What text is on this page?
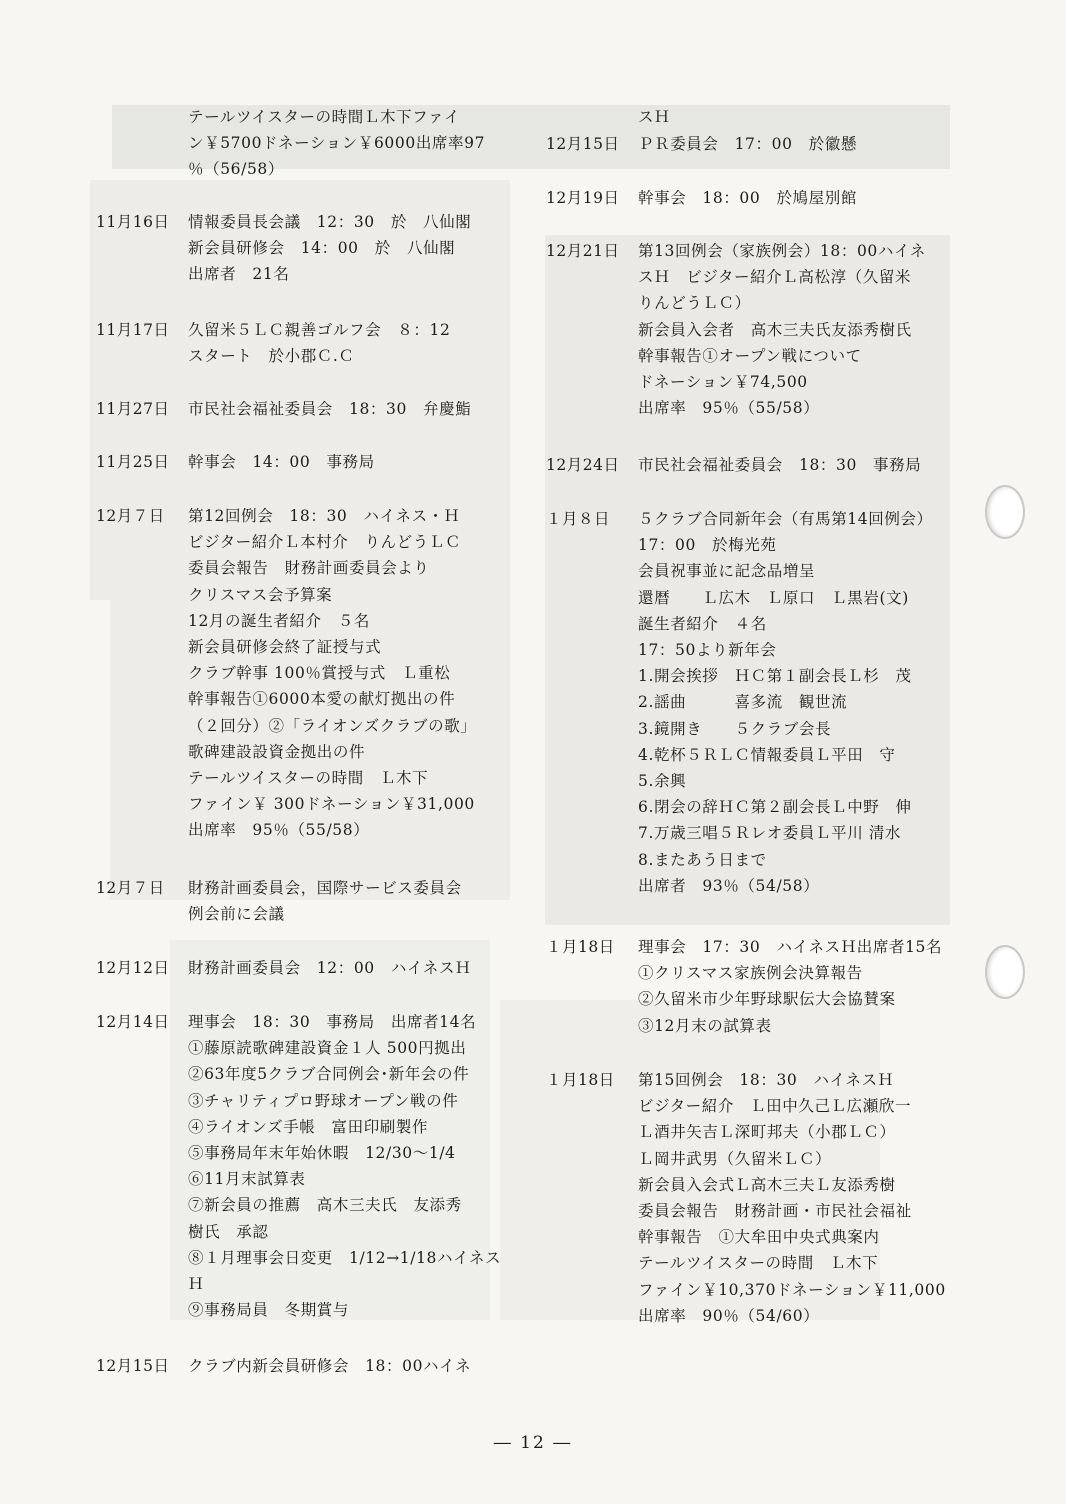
テールツイスターの時間Ｌ木下ファイ
ン￥5700ドネーション￥6000出席率97
％（56/58）
11月16日	情報委員長会議　12：30　於　八仙閣
新会員研修会　14：00　於　八仙閣
出席者　21名
11月17日	久留米５ＬＣ親善ゴルフ会　８：12
スタート　於小郡Ｃ.Ｃ
11月27日	市民社会福祉委員会　18：30　弁慶鮨
11月25日	幹事会　14：00　事務局
12月７日	第12回例会　18：30　ハイネス・Ｈ
ビジター紹介Ｌ本村介　りんどうＬＣ
委員会報告　財務計画委員会より
クリスマス会予算案
12月の誕生者紹介　５名
新会員研修会終了証授与式
クラブ幹事 100％賞授与式　Ｌ重松
幹事報告①6000本愛の献灯拠出の件
（２回分）②「ライオンズクラブの歌」
歌碑建設設資金拠出の件
テールツイスターの時間　Ｌ木下
ファイン￥ 300ドネーション￥31,000
出席率　95％（55/58）
12月７日	財務計画委員会，国際サービス委員会
例会前に会議
12月12日	財務計画委員会　12：00　ハイネスＨ
12月14日	理事会　18：30　事務局　出席者14名
①藤原読歌碑建設資金１人 500円拠出
②63年度5クラブ合同例会･新年会の件
③チャリティプロ野球オープン戦の件
④ライオンズ手帳　富田印刷製作
⑤事務局年末年始休暇　12/30～1/4
⑥11月末試算表
⑦新会員の推薦　高木三夫氏　友添秀
樹氏　承認
⑧１月理事会日変更　1/12→1/18ハイネス
Ｈ
⑨事務局員　冬期賞与
12月15日	クラブ内新会員研修会　18：00ハイネ
スＨ
12月15日	ＰＲ委員会　17：00　於徽懸
12月19日	幹事会　18：00　於鳩屋別館
12月21日	第13回例会（家族例会）18：00ハイネ
スＨ　ビジター紹介Ｌ高松淳（久留米
りんどうＬＣ）
新会員入会者　高木三夫氏友添秀樹氏
幹事報告①オープン戦について
ドネーション￥74,500
出席率　95％（55/58）
12月24日	市民社会福祉委員会　18：30　事務局
１月８日	５クラブ合同新年会（有馬第14回例会）
17：00　於梅光苑
会員祝事並に記念品増呈
還暦　　Ｌ広木　Ｌ原口　Ｌ黒岩(文)
誕生者紹介　４名
17：50より新年会
1.開会挨拶　ＨＣ第１副会長Ｌ杉　茂
2.謡曲　　　喜多流　観世流
3.鏡開き　　５クラブ会長
4.乾杯５ＲＬＣ情報委員Ｌ平田　守
5.余興
6.閉会の辞ＨＣ第２副会長Ｌ中野　伸
7.万歳三唱５Ｒレオ委員Ｌ平川 清水
8.またあう日まで
出席者　93％（54/58）
１月18日	理事会　17：30　ハイネスＨ出席者15名
①クリスマス家族例会決算報告
②久留米市少年野球駅伝大会協賛案
③12月末の試算表
１月18日	第15回例会　18：30　ハイネスＨ
ビジター紹介　Ｌ田中久己Ｌ広瀬欣一
Ｌ酒井矢吉Ｌ深町邦夫（小郡ＬＣ）
Ｌ岡井武男（久留米ＬＣ）
新会員入会式Ｌ高木三夫Ｌ友添秀樹
委員会報告　財務計画・市民社会福祉
幹事報告　①大牟田中央式典案内
テールツイスターの時間　Ｌ木下
ファイン￥10,370ドネーション￥11,000
出席率　90％（54/60）
― 12 ―
